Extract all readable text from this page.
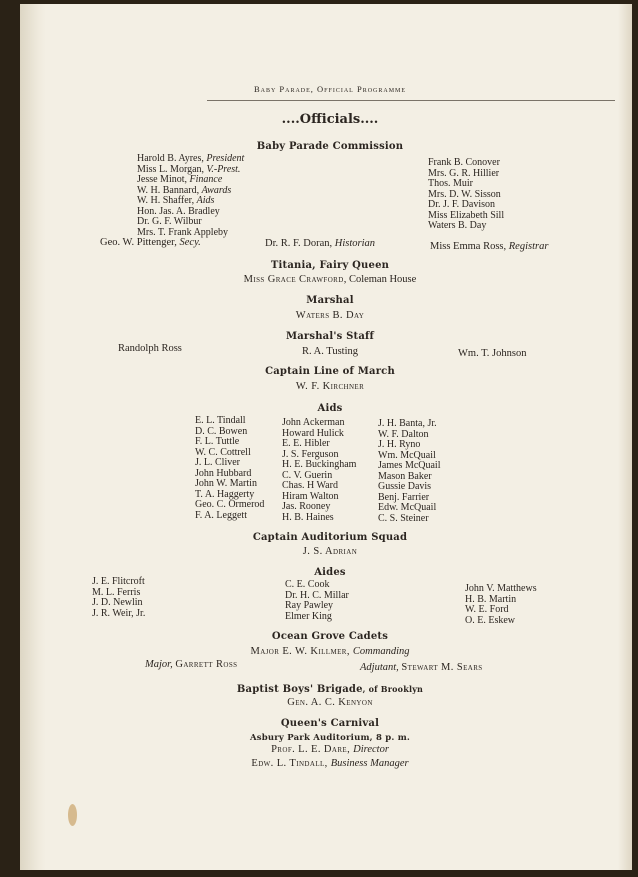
Baby Parade, Official Programme
....Officials....
Baby Parade Commission
Harold B. Ayres, President
Miss L. Morgan, V.-Prest.
Jesse Minot, Finance
W. H. Bannard, Awards
W. H. Shaffer, Aids
Hon. Jas. A. Bradley
Dr. G. F. Wilbur
Mrs. T. Frank Appleby
Frank B. Conover
Mrs. G. R. Hillier
Thos. Muir
Mrs. D. W. Sisson
Dr. J. F. Davison
Miss Elizabeth Sill
Waters B. Day
Geo. W. Pittenger, Secy.	Dr. R. F. Doran, Historian	Miss Emma Ross, Registrar
Titania, Fairy Queen
Miss Grace Crawford, Coleman House
Marshal
Waters B. Day
Marshal's Staff
Randolph Ross	R. A. Tusting	Wm. T. Johnson
Captain Line of March
W. F. Kirchner
Aids
E. L. Tindall
D. C. Bowen
F. L. Tuttle
W. C. Cottrell
J. L. Cliver
John Hubbard
John W. Martin
T. A. Haggerty
Geo. C. Ormerod
F. A. Leggett
John Ackerman
Howard Hulick
E. E. Hibler
J. S. Ferguson
H. E. Buckingham
C. V. Guerin
Chas. H Ward
Hiram Walton
Jas. Rooney
H. B. Haines
J. H. Banta, Jr.
W. F. Dalton
J. H. Ryno
Wm. McQuail
James McQuail
Mason Baker
Gussie Davis
Benj. Farrier
Edw. McQuail
C. S. Steiner
Captain Auditorium Squad
J. S. Adrian
Aides
J. E. Flitcroft
M. L. Ferris
J. D. Newlin
J. R. Weir, Jr.
C. E. Cook
Dr. H. C. Millar
Ray Pawley
Elmer King
John V. Matthews
H. B. Martin
W. E. Ford
O. E. Eskew
Ocean Grove Cadets
Major E. W. Killmer, Commanding
Major, Garrett Ross	Adjutant, Stewart M. Sears
Baptist Boys' Brigade, of Brooklyn
Gen. A. C. Kenyon
Queen's Carnival
Asbury Park Auditorium, 8 p. m.
Prof. L. E. Dare, Director
Edw. L. Tindall, Business Manager
